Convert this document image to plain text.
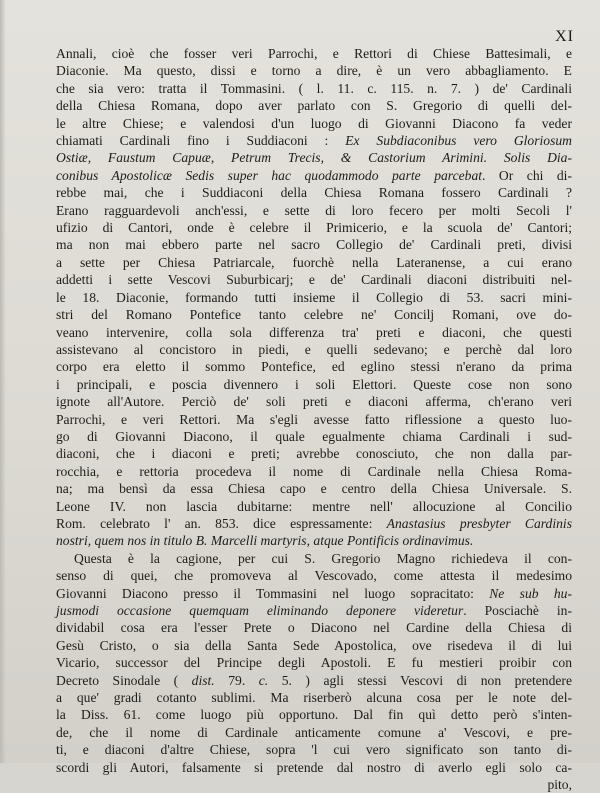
XI
Annali, cioè che fosser veri Parrochi, e Rettori di Chiese Battesimali, e
Diaconie. Ma questo, dissi e torno a dire, è un vero abbagliamento. E
che sia vero: tratta il Tommasini. ( l. 11. c. 115. n. 7. ) de' Cardinali
della Chiesa Romana, dopo aver parlato con S. Gregorio di quelli del-
le altre Chiese; e valendosi d'un luogo di Giovanni Diacono fa veder
chiamati Cardinali fino i Suddiaconi : Ex Subdiaconibus vero Gloriosum
Ostiæ, Faustum Capuæ, Petrum Trecis, & Castorium Arimini. Solis Dia-
conibus Apostolicæ Sedis super hac quodammodo parte parcebat. Or chi di-
rebbe mai, che i Suddiaconi della Chiesa Romana fossero Cardinali ?
Erano ragguardevoli anch'essi, e sette di loro fecero per molti Secoli l'
ufizio di Cantori, onde è celebre il Primicerio, e la scuola de' Cantori;
ma non mai ebbero parte nel sacro Collegio de' Cardinali preti, divisi
a sette per Chiesa Patriarcale, fuorchè nella Lateranense, a cui erano
addetti i sette Vescovi Suburbicarj; e de' Cardinali diaconi distribuiti nel-
le 18. Diaconie, formando tutti insieme il Collegio di 53. sacri mini-
stri del Romano Pontefice tanto celebre ne' Concilj Romani, ove do-
veano intervenire, colla sola differenza tra' preti e diaconi, che questi
assistevano al concistoro in piedi, e quelli sedevano; e perchè dal loro
corpo era eletto il sommo Pontefice, ed eglino stessi n'erano da prima
i principali, e poscia divennero i soli Elettori. Queste cose non sono
ignote all'Autore. Perciò de' soli preti e diaconi afferma, ch'erano veri
Parrochi, e veri Rettori. Ma s'egli avesse fatto riflessione a questo luo-
go di Giovanni Diacono, il quale egualmente chiama Cardinali i sud-
diaconi, che i diaconi e preti; avrebbe conosciuto, che non dalla par-
rocchia, e rettoria procedeva il nome di Cardinale nella Chiesa Roma-
na; ma bensì da essa Chiesa capo e centro della Chiesa Universale. S.
Leone IV. non lascia dubitarne: mentre nell' allocuzione al Concilio
Rom. celebrato l' an. 853. dice espressamente: Anastasius presbyter Cardinis
nostri, quem nos in titulo B. Marcelli martyris, atque Pontificis ordinavimus.
Questa è la cagione, per cui S. Gregorio Magno richiedeva il con-
senso di quei, che promoveva al Vescovado, come attesta il medesimo
Giovanni Diacono presso il Tommasini nel luogo sopracitato: Ne sub hu-
jusmodi occasione quemquam eliminando deponere videretur. Posciachè in-
dividabil cosa era l'esser Prete o Diacono nel Cardine della Chiesa di
Gesù Cristo, o sia della Santa Sede Apostolica, ove risedeva il di lui
Vicario, successor del Principe degli Apostoli. E fu mestieri proibir con
Decreto Sinodale ( dist. 79. c. 5. ) agli stessi Vescovi di non pretendere
a que' gradi cotanto sublimi. Ma riserberò alcuna cosa per le note del-
la Diss. 61. come luogo più opportuno. Dal fin quì detto però s'inten-
de, che il nome di Cardinale anticamente comune a' Vescovi, e pre-
ti, e diaconi d'altre Chiese, sopra 'l cui vero significato son tanto di-
scordi gli Autori, falsamente si pretende dal nostro di averlo egli solo ca-
pito,
